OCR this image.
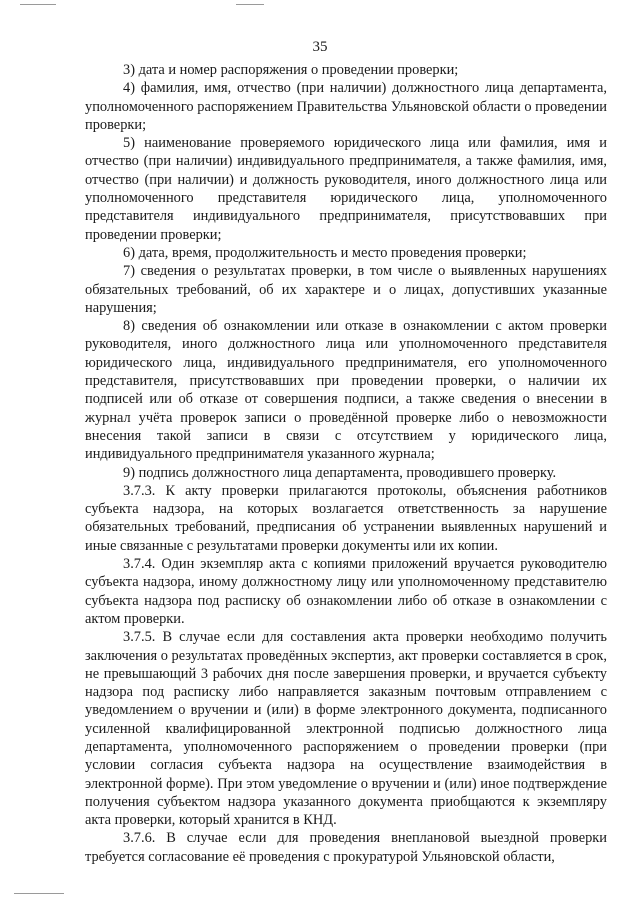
35

3) дата и номер распоряжения о проведении проверки;

4) фамилия, имя, отчество (при наличии) должностного лица департамента, уполномоченного распоряжением Правительства Ульяновской области о проведении проверки;

5) наименование проверяемого юридического лица или фамилия, имя и отчество (при наличии) индивидуального предпринимателя, а также фамилия, имя, отчество (при наличии) и должность руководителя, иного должностного лица или уполномоченного представителя юридического лица, уполномоченного представителя индивидуального предпринимателя, присутствовавших при проведении проверки;

6) дата, время, продолжительность и место проведения проверки;

7) сведения о результатах проверки, в том числе о выявленных нарушениях обязательных требований, об их характере и о лицах, допустивших указанные нарушения;

8) сведения об ознакомлении или отказе в ознакомлении с актом проверки руководителя, иного должностного лица или уполномоченного представителя юридического лица, индивидуального предпринимателя, его уполномоченного представителя, присутствовавших при проведении проверки, о наличии их подписей или об отказе от совершения подписи, а также сведения о внесении в журнал учёта проверок записи о проведённой проверке либо о невозможности внесения такой записи в связи с отсутствием у юридического лица, индивидуального предпринимателя указанного журнала;

9) подпись должностного лица департамента, проводившего проверку.

3.7.3. К акту проверки прилагаются протоколы, объяснения работников субъекта надзора, на которых возлагается ответственность за нарушение обязательных требований, предписания об устранении выявленных нарушений и иные связанные с результатами проверки документы или их копии.

3.7.4. Один экземпляр акта с копиями приложений вручается руководителю субъекта надзора, иному должностному лицу или уполномоченному представителю субъекта надзора под расписку об ознакомлении либо об отказе в ознакомлении с актом проверки.

3.7.5. В случае если для составления акта проверки необходимо получить заключения о результатах проведённых экспертиз, акт проверки составляется в срок, не превышающий 3 рабочих дня после завершения проверки, и вручается субъекту надзора под расписку либо направляется заказным почтовым отправлением с уведомлением о вручении и (или) в форме электронного документа, подписанного усиленной квалифицированной электронной подписью должностного лица департамента, уполномоченного распоряжением о проведении проверки (при условии согласия субъекта надзора на осуществление взаимодействия в электронной форме). При этом уведомление о вручении и (или) иное подтверждение получения субъектом надзора указанного документа приобщаются к экземпляру акта проверки, который хранится в КНД.

3.7.6. В случае если для проведения внеплановой выездной проверки требуется согласование её проведения с прокуратурой Ульяновской области,
